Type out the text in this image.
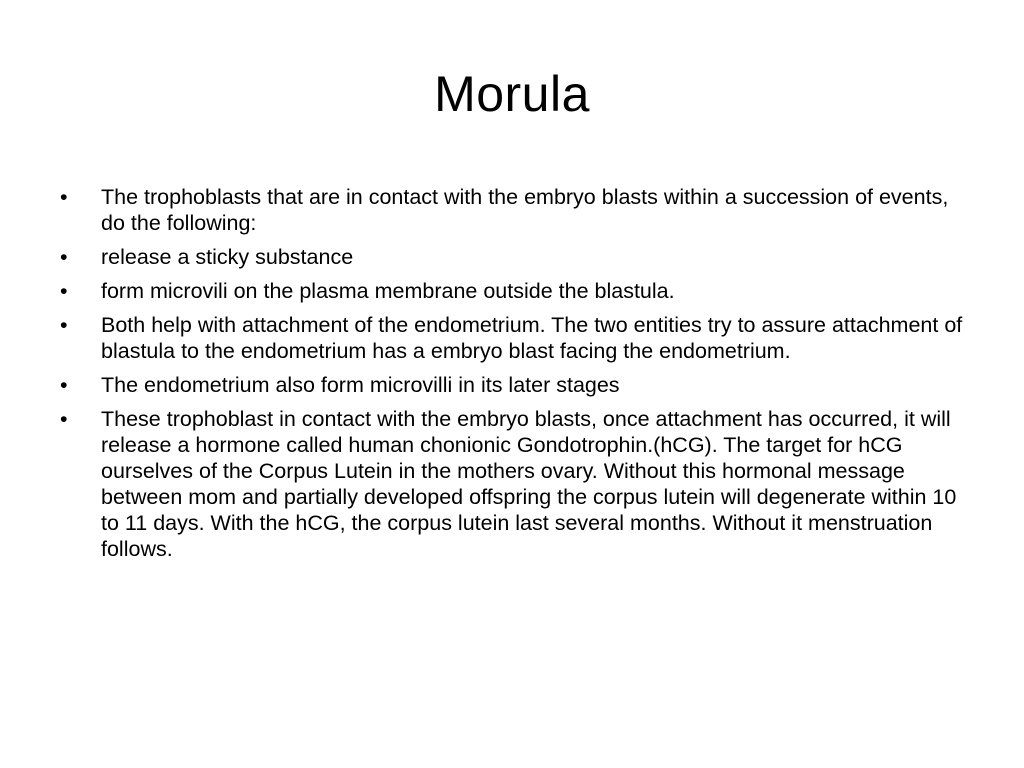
Morula
•	The trophoblasts that are in contact with the embryo blasts within a succession of events, do the following:
•	release a sticky substance
•	form microvili on the plasma membrane outside the blastula.
•	Both help with attachment of the endometrium. The two entities try to assure attachment of blastula to the endometrium has a embryo blast facing the endometrium.
•	The endometrium also form microvilli in its later stages
•	These trophoblast in contact with the embryo blasts, once attachment has occurred, it will release a hormone called human chonionic Gondotrophin.(hCG). The target for hCG ourselves of the Corpus Lutein in the mothers ovary. Without this hormonal message between mom and partially developed offspring the corpus lutein will degenerate within 10 to 11 days. With the hCG, the corpus lutein last several months. Without it menstruation follows.
